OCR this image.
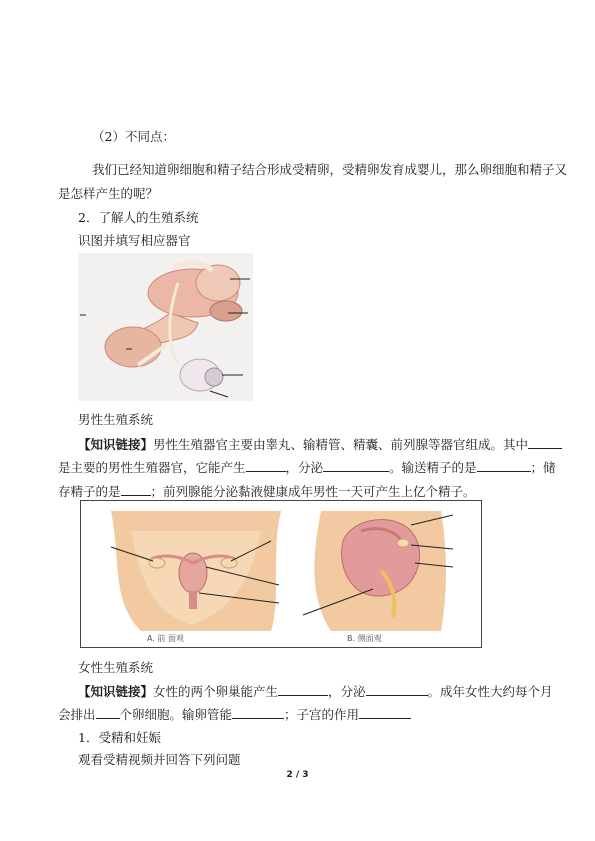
（2）不同点：
我们已经知道卵细胞和精子结合形成受精卵，受精卵发育成婴儿，那么卵细胞和精子又
是怎样产生的呢？
2．了解人的生殖系统
识图并填写相应器官
男性生殖系统
【知识链接】男性生殖器官主要由睾丸、输精管、精囊、前列腺等器官组成。其中
是主要的男性生殖器官，它能产生	，分泌	。输送精子的是	；储
存精子的是 ；前列腺能分泌黏液健康成年男性一天可产生上亿个精子。
A. 前 面观	B. 侧面观
女性生殖系统
【知识链接】女性的两个卵巢能产生	，分泌	。成年女性大约每个月
会排出 个卵细胞。输卵管能	；子宫的作用
1．受精和妊娠
观看受精视频并回答下列问题
2 / 3
